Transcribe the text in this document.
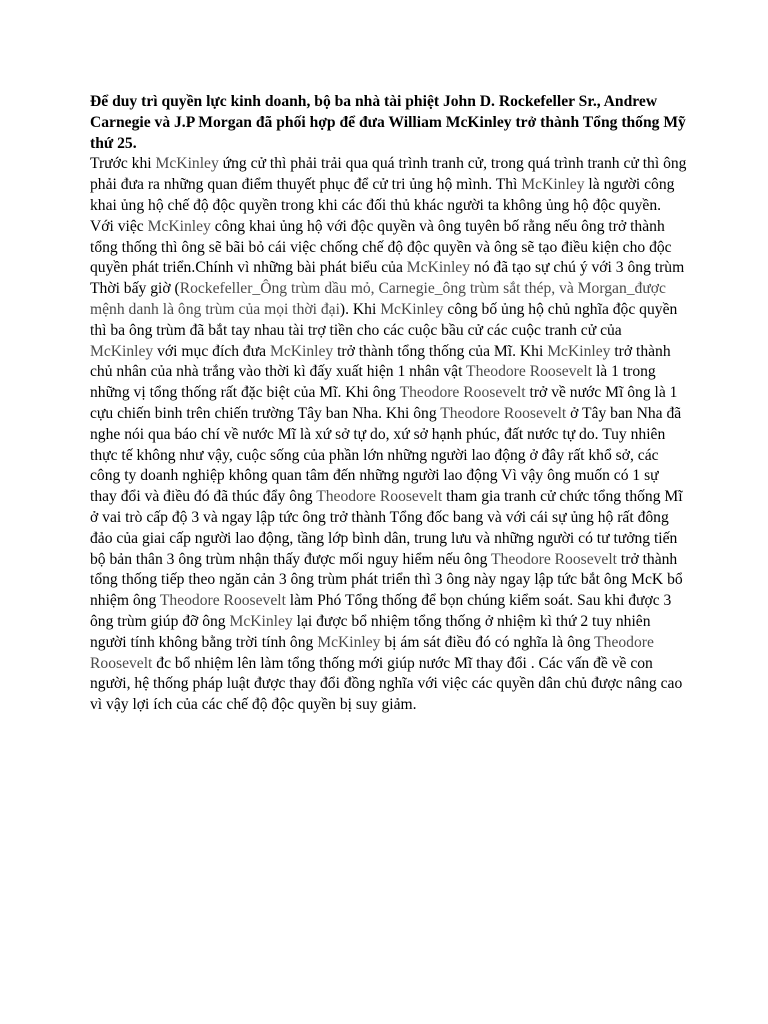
Để duy trì quyền lực kinh doanh, bộ ba nhà tài phiệt John D. Rockefeller Sr., Andrew Carnegie và J.P Morgan đã phối hợp để đưa William McKinley trở thành Tổng thống Mỹ thứ 25.

Trước khi McKinley ứng cử thì phải trải qua quá trình tranh cử, trong quá trình tranh cử thì ông phải đưa ra những quan điểm thuyết phục để cử tri ủng hộ mình. Thì McKinley là người công khai ủng hộ chế độ độc quyền trong khi các đối thủ khác người ta không ủng hộ độc quyền. Với việc McKinley công khai ủng hộ với độc quyền và ông tuyên bố rằng nếu ông trở thành tổng thống thì ông sẽ bãi bỏ cái việc chống chế độ độc quyền và ông sẽ tạo điều kiện cho độc quyền phát triển.Chính vì những bài phát biểu của McKinley nó đã tạo sự chú ý với 3 ông trùm Thời bấy giờ (Rockefeller_Ông trùm dầu mỏ, Carnegie_ông trùm sắt thép, và Morgan_được mệnh danh là ông trùm của mọi thời đại). Khi McKinley công bố ủng hộ chủ nghĩa độc quyền thì ba ông trùm đã bắt tay nhau tài trợ tiền cho các cuộc bầu cử các cuộc tranh cử của McKinley với mục đích đưa McKinley trở thành tổng thống của Mĩ. Khi McKinley trở thành chủ nhân của nhà trắng vào thời kì đấy xuất hiện 1 nhân vật Theodore Roosevelt là 1 trong những vị tổng thống rất đặc biệt của Mĩ. Khi ông Theodore Roosevelt trở về nước Mĩ ông là 1 cựu chiến binh trên chiến trường Tây ban Nha. Khi ông Theodore Roosevelt ở Tây ban Nha đã nghe nói qua báo chí về nước Mĩ là xứ sở tự do, xứ sở hạnh phúc, đất nước tự do. Tuy nhiên thực tế không như vậy, cuộc sống của phần lớn những người lao động ở đây rất khổ sở, các công ty doanh nghiệp không quan tâm đến những người lao động Vì vậy ông muốn có 1 sự thay đổi và điều đó đã thúc đẩy ông Theodore Roosevelt tham gia tranh cử chức tổng thống Mĩ ở vai trò cấp độ 3 và ngay lập tức ông trở thành Tổng đốc bang và với cái sự ủng hộ rất đông đảo của giai cấp người lao động, tầng lớp bình dân, trung lưu và những người có tư tưởng tiến bộ bản thân 3 ông trùm nhận thấy được mối nguy hiểm nếu ông Theodore Roosevelt trở thành tổng thống tiếp theo ngăn cản 3 ông trùm phát triển thì 3 ông này ngay lập tức bắt ông McK bổ nhiệm ông Theodore Roosevelt làm Phó Tổng thống để bọn chúng kiểm soát. Sau khi được 3 ông trùm giúp đỡ ông McKinley lại được bổ nhiệm tổng thống ở nhiệm kì thứ 2 tuy nhiên người tính không bằng trời tính ông McKinley bị ám sát điều đó có nghĩa là ông Theodore Roosevelt đc bổ nhiệm lên làm tổng thống mới giúp nước Mĩ thay đổi . Các vấn đề về con người, hệ thống pháp luật được thay đổi đồng nghĩa với việc các quyền dân chủ được nâng cao vì vậy lợi ích của các chế độ độc quyền bị suy giảm.
